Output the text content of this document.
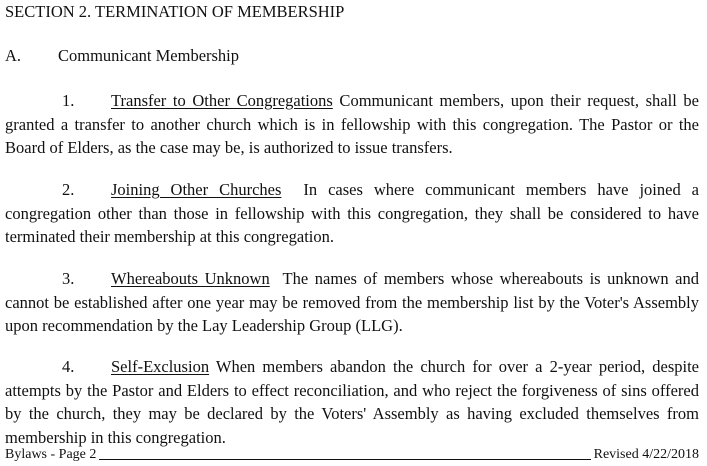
SECTION 2. TERMINATION OF MEMBERSHIP
A. Communicant Membership

1. Transfer to Other Congregations Communicant members, upon their request, shall be granted a transfer to another church which is in fellowship with this congregation. The Pastor or the Board of Elders, as the case may be, is authorized to issue transfers.

2. Joining Other Churches  In cases where communicant members have joined a congregation other than those in fellowship with this congregation, they shall be considered to have terminated their membership at this congregation.

3. Whereabouts Unknown  The names of members whose whereabouts is unknown and cannot be established after one year may be removed from the membership list by the Voter's Assembly upon recommendation by the Lay Leadership Group (LLG).

4. Self-Exclusion When members abandon the church for over a 2-year period, despite attempts by the Pastor and Elders to effect reconciliation, and who reject the forgiveness of sins offered by the church, they may be declared by the Voters' Assembly as having excluded themselves from membership in this congregation.

Bylaws - Page 2	Revised 4/22/2018
